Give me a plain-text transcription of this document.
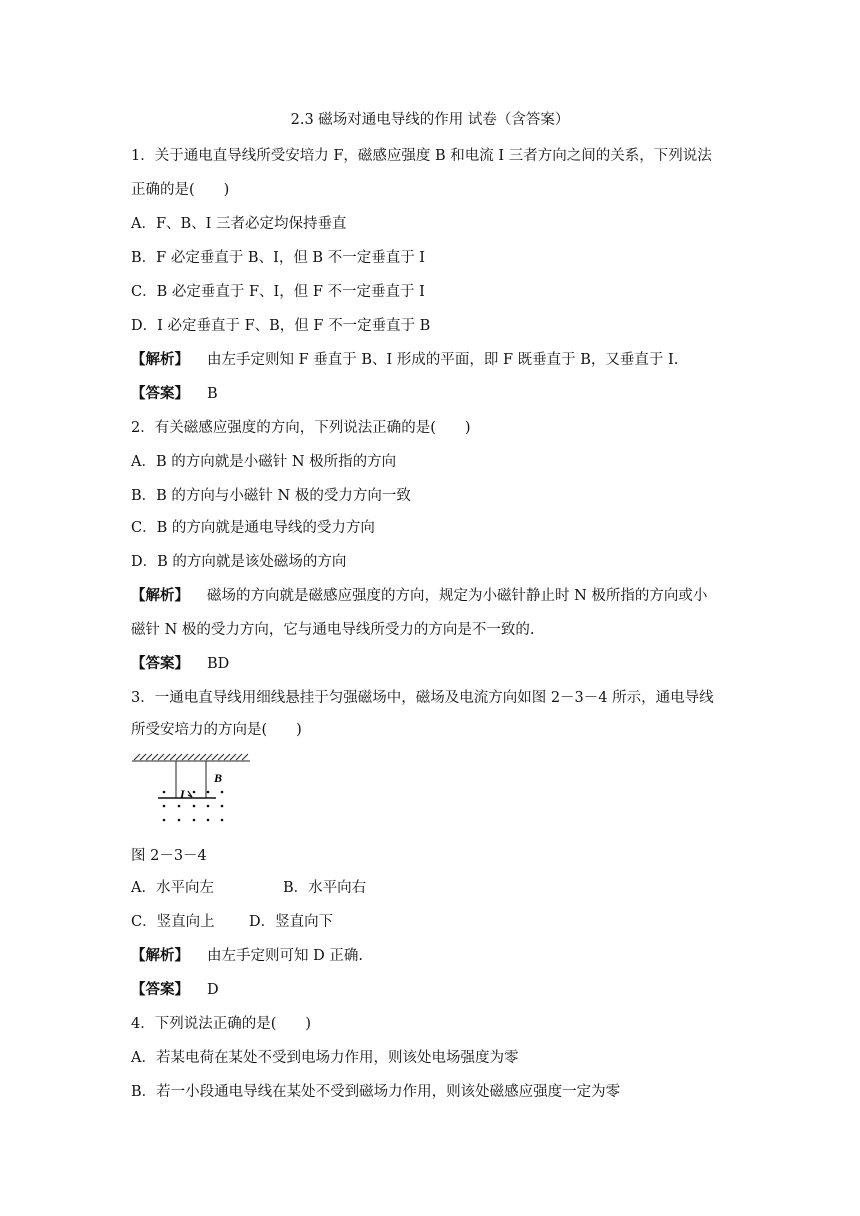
2.3 磁场对通电导线的作用 试卷（含答案）
1．关于通电直导线所受安培力 F，磁感应强度 B 和电流 I 三者方向之间的关系，下列说法
正确的是(　　)
A．F、B、I 三者必定均保持垂直
B．F 必定垂直于 B、I，但 B 不一定垂直于 I
C．B 必定垂直于 F、I，但 F 不一定垂直于 I
D．I 必定垂直于 F、B，但 F 不一定垂直于 B
【解析】 由左手定则知 F 垂直于 B、I 形成的平面，即 F 既垂直于 B，又垂直于 I.
【答案】 B
2．有关磁感应强度的方向，下列说法正确的是(　　)
A．B 的方向就是小磁针 N 极所指的方向
B．B 的方向与小磁针 N 极的受力方向一致
C．B 的方向就是通电导线的受力方向
D．B 的方向就是该处磁场的方向
【解析】 磁场的方向就是磁感应强度的方向，规定为小磁针静止时 N 极所指的方向或小
磁针 N 极的受力方向，它与通电导线所受力的方向是不一致的.
【答案】 BD
3．一通电直导线用细线悬挂于匀强磁场中，磁场及电流方向如图 2－3－4 所示，通电导线
所受安培力的方向是(　　)
B
I
图 2－3－4
A．水平向左	B．水平向右
C．竖直向上 D．竖直向下
【解析】 由左手定则可知 D 正确.
【答案】 D
4．下列说法正确的是(　　)
A．若某电荷在某处不受到电场力作用，则该处电场强度为零
B．若一小段通电导线在某处不受到磁场力作用，则该处磁感应强度一定为零
